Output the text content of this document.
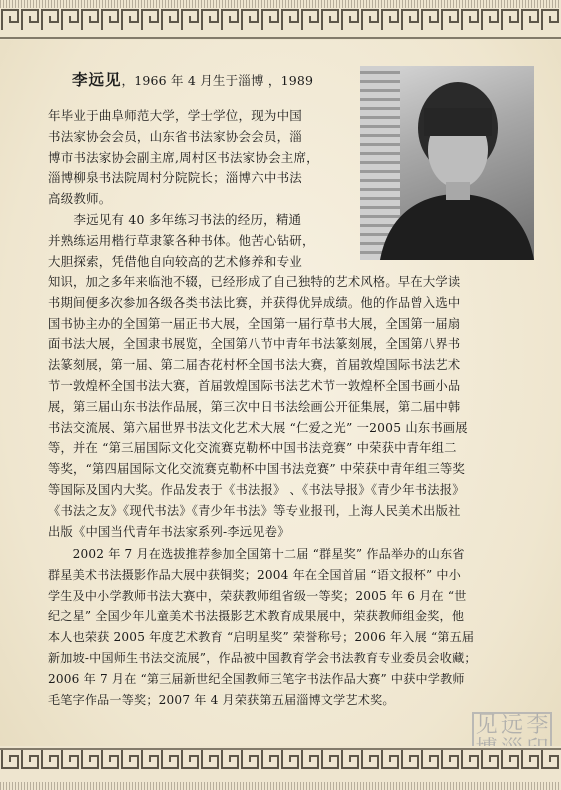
李远见，1966 年 4 月生于淄博 ，1989
年毕业于曲阜师范大学，学士学位，现为中国
书法家协会会员，山东省书法家协会会员，淄
博市书法家协会副主席,周村区书法家协会主席，
淄博柳泉书法院周村分院院长；淄博六中书法
高级教师。
　　李远见有 40 多年练习书法的经历，精通
并熟练运用楷行草隶篆各种书体。他苦心钻研，
大胆探索，凭借他自向较高的艺术修养和专业
知识，加之多年来临池不辍，已经形成了自己独特的艺术风格。早在大学读
书期间便多次参加各级各类书法比赛，并获得优异成绩。他的作品曾入选中
国书协主办的全国第一届正书大展，全国第一届行草书大展，全国第一届扇
面书法大展，全国隶书展览，全国第八节中青年书法篆刻展，全国第八界书
法篆刻展，第一届、第二届杏花村杯全国书法大赛，首届敦煌国际书法艺术
节一敦煌杯全国书法大赛，首届敦煌国际书法艺术节一敦煌杯全国书画小品
展，第三届山东书法作品展，第三次中日书法绘画公开征集展，第二届中韩
书法交流展、第六届世界书法文化艺术大展 “仁爱之光” 一2005 山东书画展
等，并在 “第三届国际文化交流赛克勒杯中国书法竞赛” 中荣获中青年组二
等奖，“第四届国际文化交流赛克勒杯中国书法竞赛” 中荣获中青年组三等奖
等国际及国内大奖。作品发表于《书法报》 、《书法导报》《青少年书法报》
《书法之友》《现代书法》《青少年书法》等专业报刊，上海人民美术出版社
出版《中国当代青年书法家系列-李远见卷》
　　2002 年 7 月在选拔推荐参加全国第十二届 “群星奖” 作品举办的山东省
群星美术书法摄影作品大展中获铜奖；2004 年在全国首届 “语文报杯” 中小
学生及中小学教师书法大赛中，荣获教师组省级一等奖；2005 年 6 月在 “世
纪之星” 全国少年儿童美术书法摄影艺术教育成果展中，荣获教师组金奖，他
本人也荣获 2005 年度艺术教育 “启明星奖” 荣誉称号；2006 年入展 “第五届
新加坡-中国师生书法交流展”，作品被中国教育学会书法教育专业委员会收藏；
2006 年 7 月在 “第三届新世纪全国教师三笔字书法作品大赛” 中获中学教师
毛笔字作品一等奖；2007 年 4 月荣获第五届淄博文学艺术奖。
见 远 李
